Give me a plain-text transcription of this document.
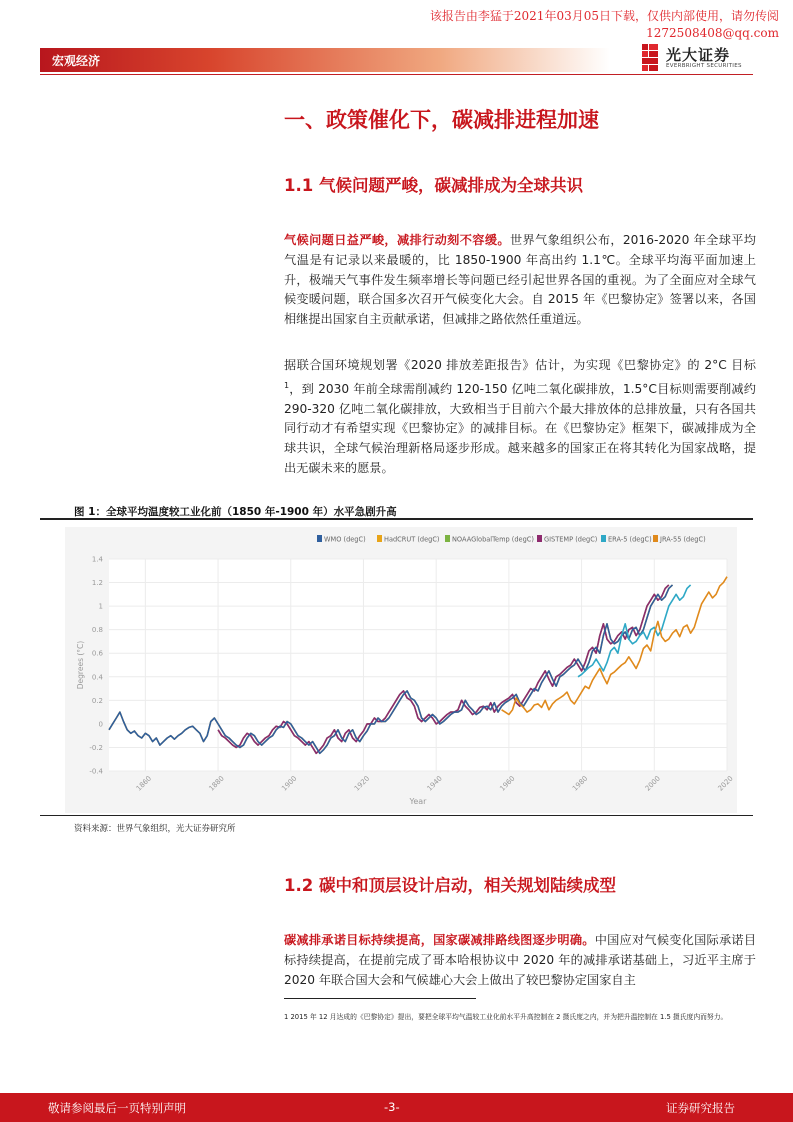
该报告由李猛于2021年03月05日下载，仅供内部使用，请勿传阅
1272508408@qq.com
宏观经济	光大证券
EVERBRIGHT SECURITIES
一、政策催化下，碳减排进程加速
1.1 气候问题严峻，碳减排成为全球共识
气候问题日益严峻，减排行动刻不容缓。世界气象组织公布，2016-2020 年全球平均气温是有记录以来最暖的，比 1850-1900 年高出约 1.1℃。全球平均海平面加速上升，极端天气事件发生频率增长等问题已经引起世界各国的重视。为了全面应对全球气候变暖问题，联合国多次召开气候变化大会。自 2015 年《巴黎协定》签署以来，各国相继提出国家自主贡献承诺，但减排之路依然任重道远。
据联合国环境规划署《2020 排放差距报告》估计，为实现《巴黎协定》的 2°C 目标$^1$，到 2030 年前全球需削减约 120-150 亿吨二氧化碳排放，1.5°C目标则需要削减约 290-320 亿吨二氧化碳排放，大致相当于目前六个最大排放体的总排放量，只有各国共同行动才有希望实现《巴黎协定》的减排目标。在《巴黎协定》框架下，碳减排成为全球共识，全球气候治理新格局逐步形成。越来越多的国家正在将其转化为国家战略，提出无碳未来的愿景。
图 1：全球平均温度较工业化前（1850 年-1900 年）水平急剧升高
-0.4
-0.2
0
0.2
0.4
0.6
0.8
1
1.2
1.4
1860	1880	1900	1920	1940	1960	1980	2000	2020
WMO (degC)	HadCRUT (degC) NOAAGlobalTemp (degC) GISTEMP (degC) ERA-5 (degC) JRA-55 (degC)
Degrees (°C)
Year
资料来源：世界气象组织，光大证券研究所
1.2 碳中和顶层设计启动，相关规划陆续成型
碳减排承诺目标持续提高，国家碳减排路线图逐步明确。中国应对气候变化国际承诺目标持续提高，在提前完成了哥本哈根协议中 2020 年的减排承诺基础上，习近平主席于 2020 年联合国大会和气候雄心大会上做出了较巴黎协定国家自主
1 2015 年 12 月达成的《巴黎协定》提出，要把全球平均气温较工业化前水平升高控制在 2 摄氏度之内，并为把升温控制在 1.5 摄氏度内而努力。
敬请参阅最后一页特别声明	-3-	证券研究报告
